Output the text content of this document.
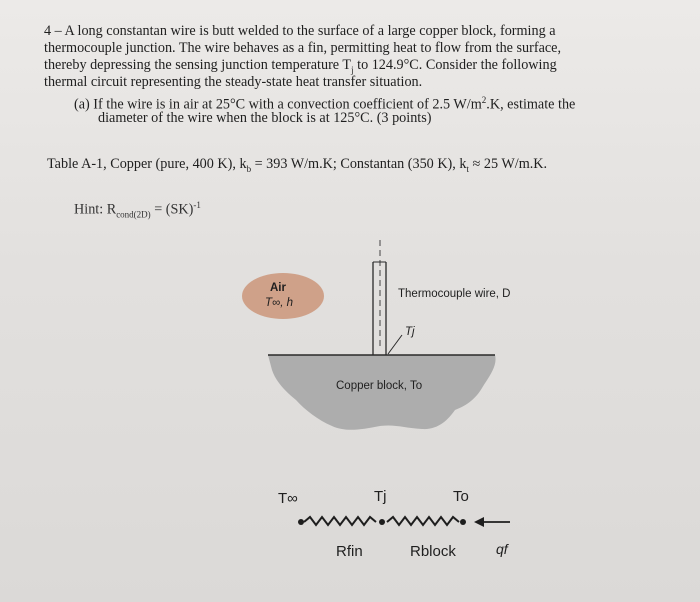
4 – A long constantan wire is butt welded to the surface of a large copper block, forming a
thermocouple junction. The wire behaves as a fin, permitting heat to flow from the surface,
thereby depressing the sensing junction temperature $T_j$ to 124.9°C. Consider the following
thermal circuit representing the steady-state heat transfer situation.
(a) If the wire is in air at 25°C with a convection coefficient of 2.5 $W/m^2.K$, estimate the
diameter of the wire when the block is at 125°C. (3 points)
Table A-1, Copper (pure, 400 K), $k_b = 393$ W/m.K; Constantan (350 K), $k_t \approx 25$ W/m.K.
Hint: $R_{cond(2D)} = (SK)^{-1}$
Air
T∞, h
Thermocouple wire, D
Tj
Copper block, To
T∞	Tj	To
Rfin	Rblock	qf
